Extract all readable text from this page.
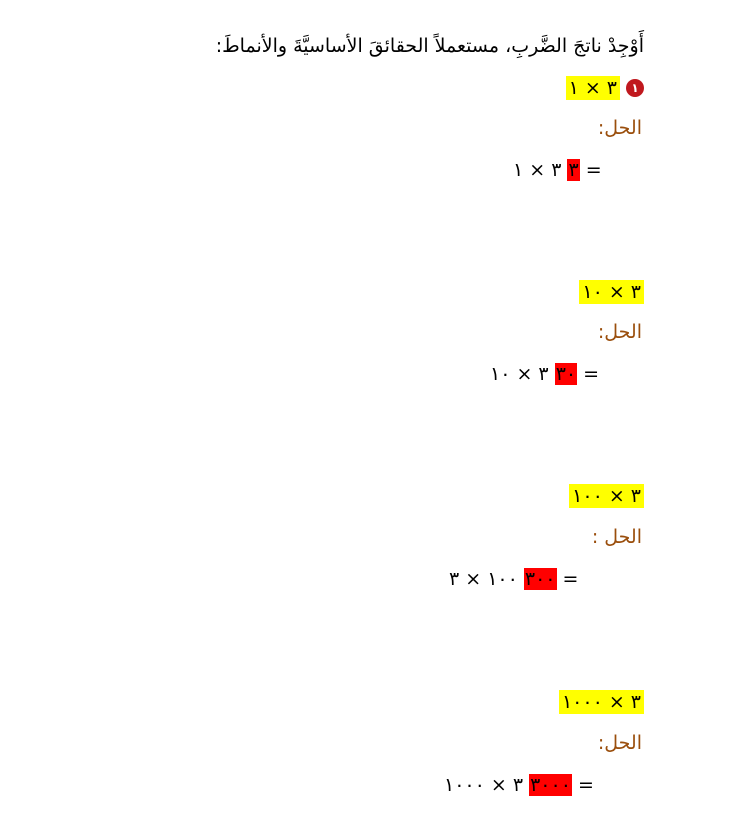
أَوْجِدْ ناتجَ الضَّربِ، مستعملاً الحقائقَ الأساسيَّةَ والأنماطَ:
١
٣ × ١
الحل:
٣ ٣ × ١ =
٣ × ١٠
الحل:
٣٠ ٣ × ١٠ =
٣ × ١٠٠
الحل :
٣٠٠ ١٠٠ × ٣ =
٣ × ١٠٠٠
الحل:
٣٠٠٠ ٣ × ١٠٠٠ =
